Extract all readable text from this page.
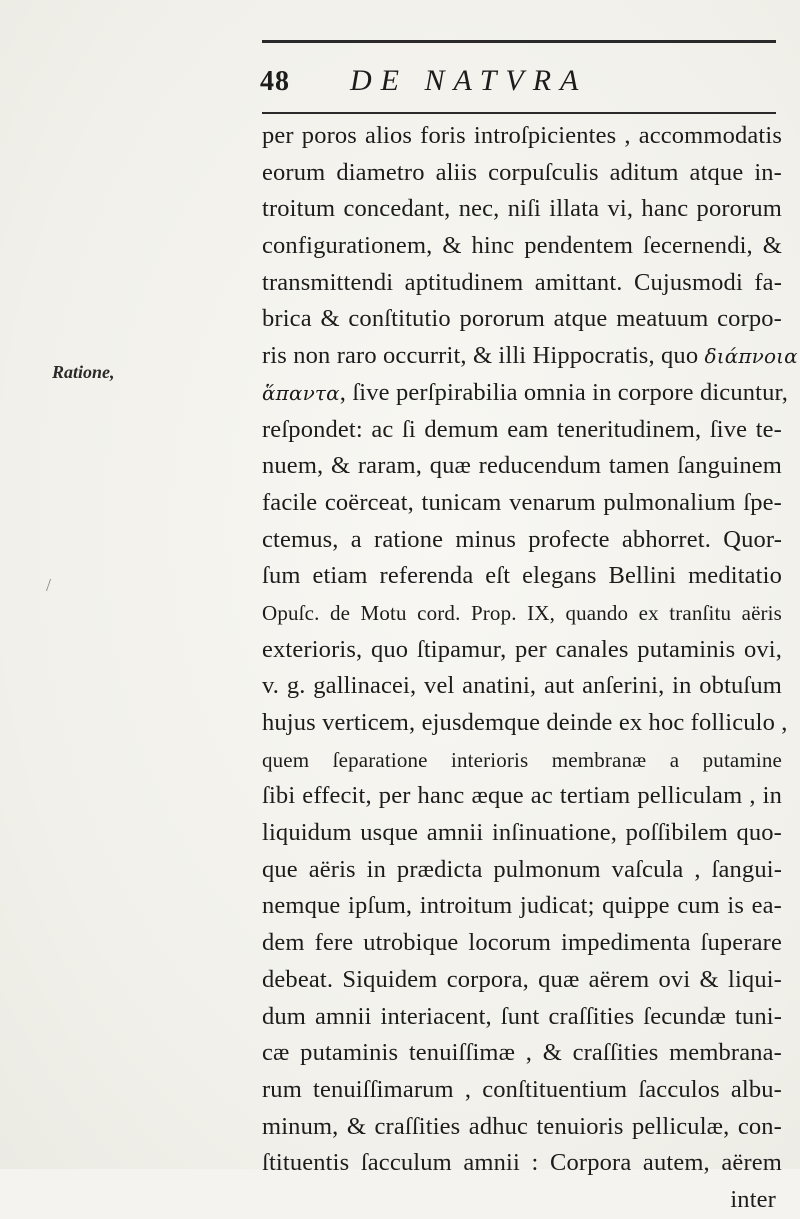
48 DE NATVRA
Ratione,
/
per poros alios foris introſpicientes , accommodatis
eorum diametro aliis corpuſculis aditum atque in-
troitum concedant, nec, niſi illata vi, hanc pororum
configurationem, & hinc pendentem ſecernendi, &
transmittendi aptitudinem amittant. Cujusmodi fa-
brica & conſtitutio pororum atque meatuum corpo-
ris non raro occurrit, & illi Hippocratis, quo διάπνοια
ἅπαντα, ſive perſpirabilia omnia in corpore dicuntur,
reſpondet: ac ſi demum eam teneritudinem, ſive te-
nuem, & raram, quæ reducendum tamen ſanguinem
facile coërceat, tunicam venarum pulmonalium ſpe-
ctemus, a ratione minus profecte abhorret. Quor-
ſum etiam referenda eſt elegans Bellini meditatio
Opuſc. de Motu cord. Prop. IX, quando ex tranſitu aëris
exterioris, quo ſtipamur, per canales putaminis ovi,
v. g. gallinacei, vel anatini, aut anſerini, in obtuſum
hujus verticem, ejusdemque deinde ex hoc folliculo ,
quem ſeparatione interioris membranæ a putamine
ſibi effecit, per hanc æque ac tertiam pelliculam , in
liquidum usque amnii inſinuatione, poſſibilem quo-
que aëris in prædicta pulmonum vaſcula , ſangui-
nemque ipſum, introitum judicat; quippe cum is ea-
dem fere utrobique locorum impedimenta ſuperare
debeat. Siquidem corpora, quæ aërem ovi & liqui-
dum amnii interiacent, ſunt craſſities ſecundæ tuni-
cæ putaminis tenuiſſimæ , & craſſities membrana-
rum tenuiſſimarum , conſtituentium ſacculos albu-
minum, & craſſities adhuc tenuioris pelliculæ, con-
ſtituentis ſacculum amnii : Corpora autem, aërem
inter
